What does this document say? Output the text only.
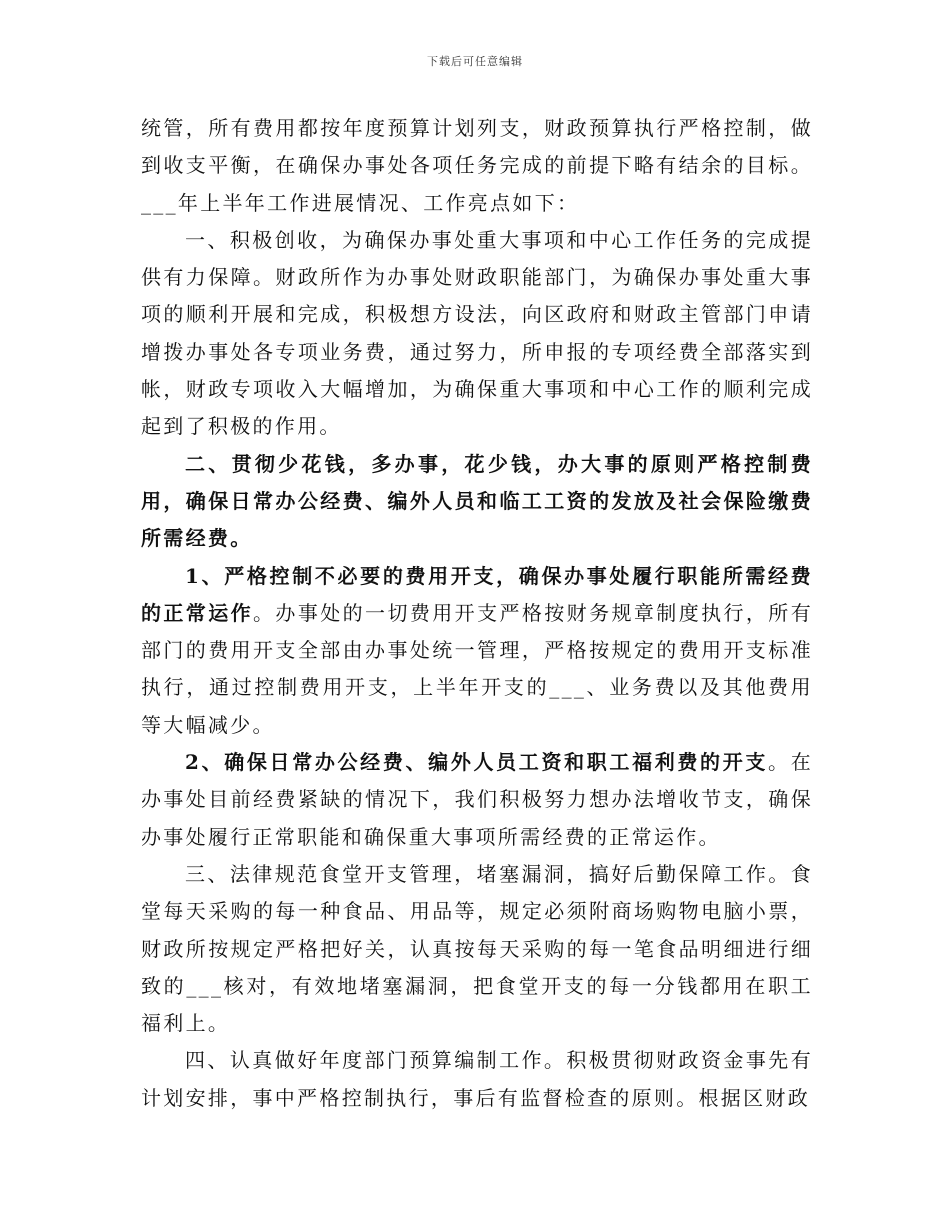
下载后可任意编辑

统管，所有费用都按年度预算计划列支，财政预算执行严格控制，做到收支平衡，在确保办事处各项任务完成的前提下略有结余的目标。___年上半年工作进展情况、工作亮点如下：

一、积极创收，为确保办事处重大事项和中心工作任务的完成提供有力保障。财政所作为办事处财政职能部门，为确保办事处重大事项的顺利开展和完成，积极想方设法，向区政府和财政主管部门申请增拨办事处各专项业务费，通过努力，所申报的专项经费全部落实到帐，财政专项收入大幅增加，为确保重大事项和中心工作的顺利完成起到了积极的作用。

二、贯彻少花钱，多办事，花少钱，办大事的原则严格控制费用，确保日常办公经费、编外人员和临工工资的发放及社会保险缴费所需经费。

1、严格控制不必要的费用开支，确保办事处履行职能所需经费的正常运作。办事处的一切费用开支严格按财务规章制度执行，所有部门的费用开支全部由办事处统一管理，严格按规定的费用开支标准执行，通过控制费用开支，上半年开支的___、业务费以及其他费用等大幅减少。

2、确保日常办公经费、编外人员工资和职工福利费的开支。在办事处目前经费紧缺的情况下，我们积极努力想办法增收节支，确保办事处履行正常职能和确保重大事项所需经费的正常运作。

三、法律规范食堂开支管理，堵塞漏洞，搞好后勤保障工作。食堂每天采购的每一种食品、用品等，规定必须附商场购物电脑小票，财政所按规定严格把好关，认真按每天采购的每一笔食品明细进行细致的___核对，有效地堵塞漏洞，把食堂开支的每一分钱都用在职工福利上。

四、认真做好年度部门预算编制工作。积极贯彻财政资金事先有计划安排，事中严格控制执行，事后有监督检查的原则。根据区财政
